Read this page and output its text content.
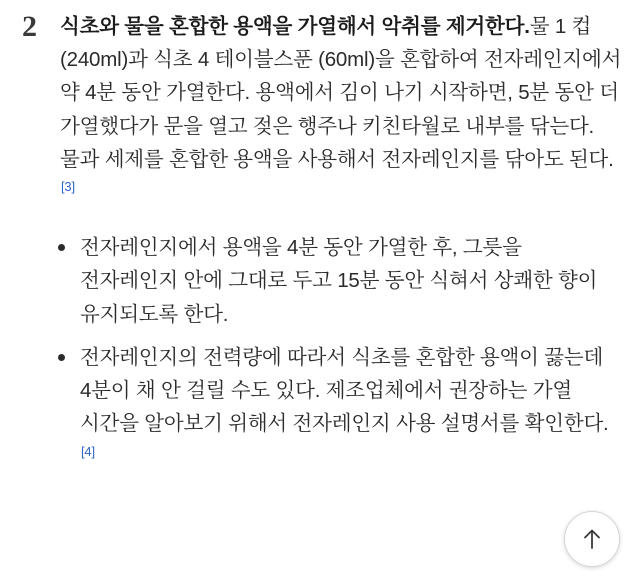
2	식초와 물을 혼합한 용액을 가열해서 악취를 제거한다.물 1 컵 (240ml)과 식초 4 테이블스푼 (60ml)을 혼합하여 전자레인지에서 약 4분 동안 가열한다. 용액에서 김이 나기 시작하면, 5분 동안 더 가열했다가 문을 열고 젖은 행주나 키친타월로 내부를 닦는다. 물과 세제를 혼합한 용액을 사용해서 전자레인지를 닦아도 된다.[3]
전자레인지에서 용액을 4분 동안 가열한 후, 그릇을 전자레인지 안에 그대로 두고 15분 동안 식혀서 상쾌한 향이 유지되도록 한다.
전자레인지의 전력량에 따라서 식초를 혼합한 용액이 끓는데 4분이 채 안 걸릴 수도 있다. 제조업체에서 권장하는 가열 시간을 알아보기 위해서 전자레인지 사용 설명서를 확인한다.[4]
